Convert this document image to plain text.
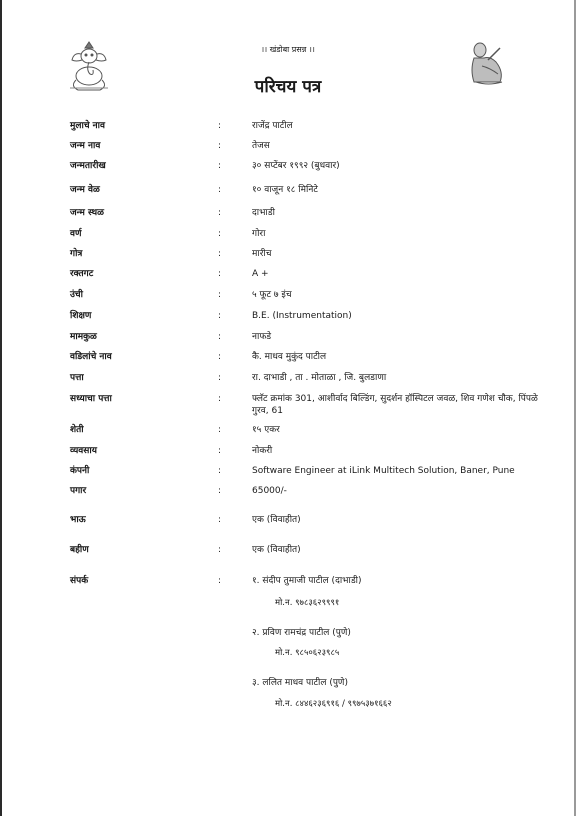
।। खंडोबा प्रसन्न ।।
परिचय पत्र
मुलाचे नाव	:	राजेंद्र पाटील
जन्म नाव	:	तेजस
जन्मतारीख	:	३० सप्टेंबर १९९२ (बुधवार)
जन्म वेळ	:	१० वाजून १८ मिनिटे
जन्म स्थळ	:	दाभाडी
वर्ण	:	गोरा
गोत्र	:	मारीच
रक्तगट	:	A +
उंची	:	५ फूट ७ इंच
शिक्षण	:	B.E. (Instrumentation)
मामकुळ	:	नाफडे
वडिलांचे नाव	:	कै. माधव मुकुंद पाटील
पत्ता	:	रा. दाभाडी , ता . मोताळा , जि. बुलडाणा
सध्याचा पत्ता	:	फ्लॅट क्रमांक 301, आशीर्वाद बिल्डिंग, सुदर्शन हॉस्पिटल जवळ, शिव गणेश चौक, पिंपळे गुरव, 61
शेती	:	१५ एकर
व्यवसाय	:	नोकरी
कंपनी	:	Software Engineer at iLink Multitech Solution, Baner, Pune
पगार	:	65000/-
भाऊ	:	एक (विवाहीत)
बहीण	:	एक (विवाहीत)
संपर्क	:	१. संदीप तुमाजी पाटील (दाभाडी)
मो.न. ९७८३६२९९९१
२. प्रविण रामचंद्र पाटील (पुणे)
मो.न. ९८५०६२३९८५
३. ललित माधव पाटील (पुणे)
मो.न. ८४४६२३६९१६ / ९९७५३७१६६२
